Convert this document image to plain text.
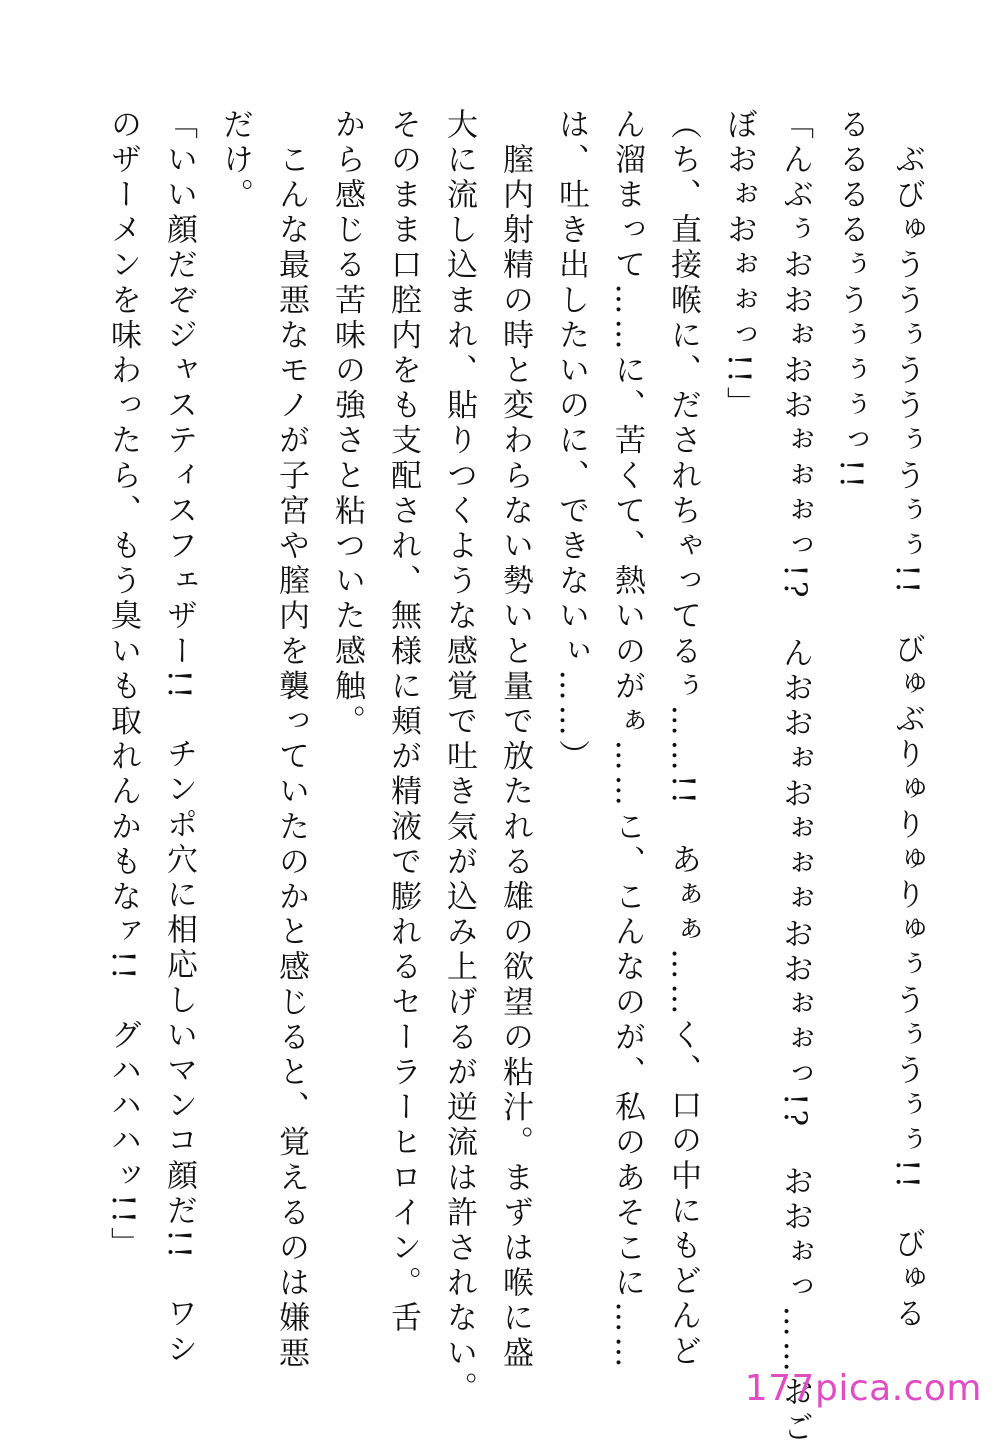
　ぶびゅううぅううぅうぅぅ!!　びゅぶりゅりゅりゅぅうぅうぅぅ!!　びゅる
るるるるぅうぅぅぅっ!!
「んぶぅおおぉおおぉぉぉっ!?　んおおぉおぉぉぉおおぉぉっ!?　おおぉっ……おご
ぼおぉおぉぉっ!!」
（ち、直接喉に、だされちゃってるぅ……!!　あぁぁ……く、口の中にもどんど
ん溜まって……に、苦くて、熱いのがぁ……こ、こんなのが、私のあそこに……
は、吐き出したいのに、できないぃ……）
　膣内射精の時と変わらない勢いと量で放たれる雄の欲望の粘汁。まずは喉に盛
大に流し込まれ、貼りつくような感覚で吐き気が込み上げるが逆流は許されない。
そのまま口腔内をも支配され、無様に頬が精液で膨れるセーラーヒロイン。舌
から感じる苦味の強さと粘ついた感触。
　こんな最悪なモノが子宮や膣内を襲っていたのかと感じると、覚えるのは嫌悪
だけ。
「いい顔だぞジャスティスフェザー!!　チンポ穴に相応しいマンコ顔だ!!　ワシ
のザーメンを味わったら、もう臭いも取れんかもなァ!!　グハハハッ!!」
177pica.com
